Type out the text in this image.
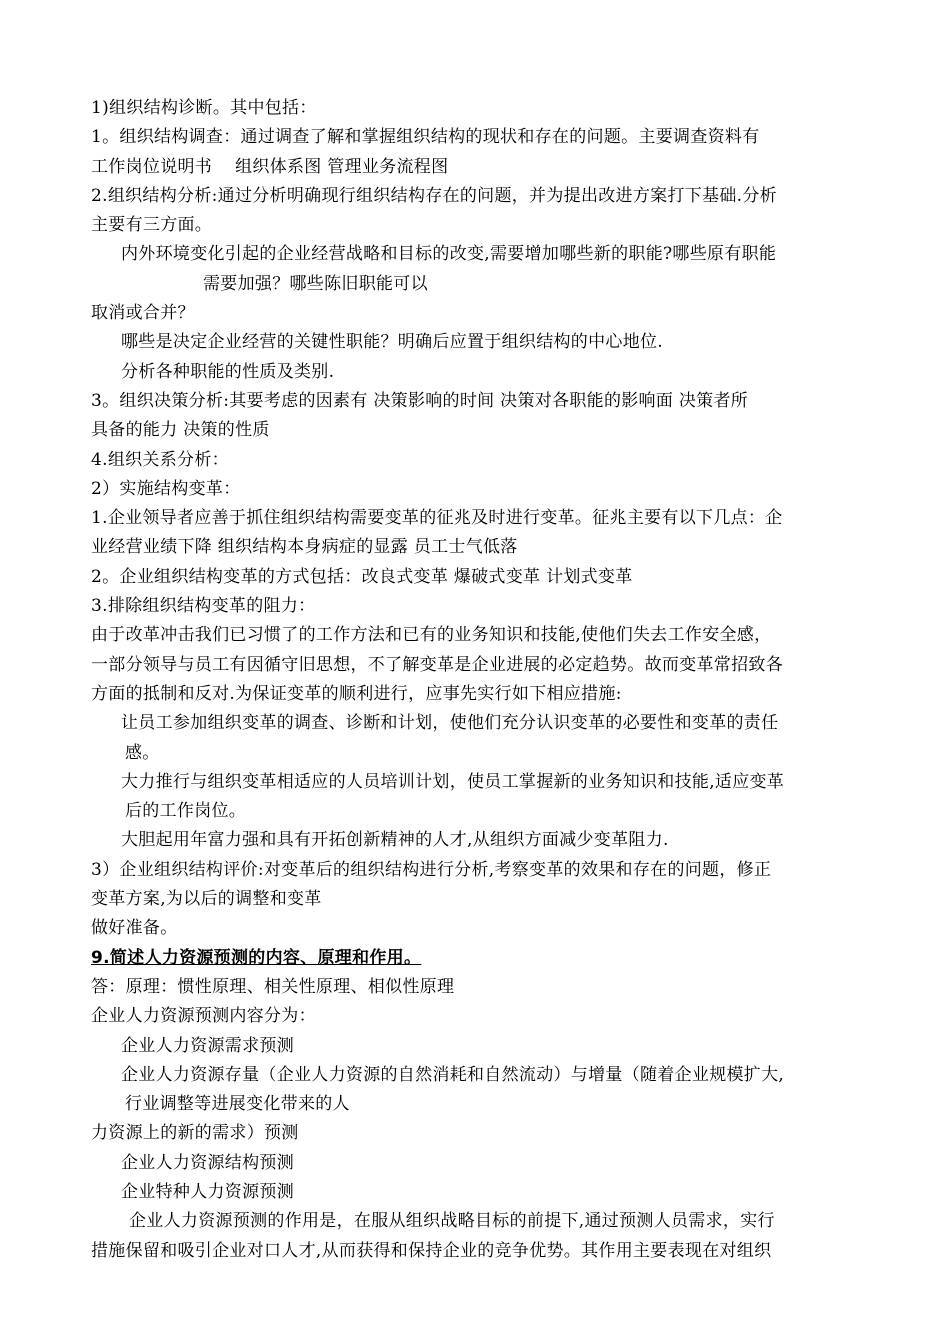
1)组织结构诊断。其中包括：
1。组织结构调查：通过调查了解和掌握组织结构的现状和存在的问题。主要调查资料有
工作岗位说明书　 组织体系图 管理业务流程图
2.组织结构分析:通过分析明确现行组织结构存在的问题，并为提出改进方案打下基础.分析
主要有三方面。
内外环境变化引起的企业经营战略和目标的改变,需要增加哪些新的职能?哪些原有职能
需要加强？哪些陈旧职能可以
取消或合并？
哪些是决定企业经营的关键性职能？明确后应置于组织结构的中心地位.
分析各种职能的性质及类别.
3。组织决策分析:其要考虑的因素有 决策影响的时间 决策对各职能的影响面 决策者所
具备的能力 决策的性质
4.组织关系分析：
2）实施结构变革：
1.企业领导者应善于抓住组织结构需要变革的征兆及时进行变革。征兆主要有以下几点：企
业经营业绩下降 组织结构本身病症的显露 员工士气低落
2。企业组织结构变革的方式包括：改良式变革 爆破式变革 计划式变革
3.排除组织结构变革的阻力：
由于改革冲击我们已习惯了的工作方法和已有的业务知识和技能,使他们失去工作安全感，
一部分领导与员工有因循守旧思想，不了解变革是企业进展的必定趋势。故而变革常招致各
方面的抵制和反对.为保证变革的顺利进行，应事先实行如下相应措施:
让员工参加组织变革的调查、诊断和计划，使他们充分认识变革的必要性和变革的责任
感。
大力推行与组织变革相适应的人员培训计划，使员工掌握新的业务知识和技能,适应变革
后的工作岗位。
大胆起用年富力强和具有开拓创新精神的人才,从组织方面减少变革阻力.
3）企业组织结构评价:对变革后的组织结构进行分析,考察变革的效果和存在的问题，修正
变革方案,为以后的调整和变革
做好准备。
9.简述人力资源预测的内容、原理和作用。
答：原理：惯性原理、相关性原理、相似性原理
企业人力资源预测内容分为：
企业人力资源需求预测
企业人力资源存量（企业人力资源的自然消耗和自然流动）与增量（随着企业规模扩大,
行业调整等进展变化带来的人
力资源上的新的需求）预测
企业人力资源结构预测
企业特种人力资源预测
企业人力资源预测的作用是，在服从组织战略目标的前提下,通过预测人员需求，实行
措施保留和吸引企业对口人才,从而获得和保持企业的竞争优势。其作用主要表现在对组织
